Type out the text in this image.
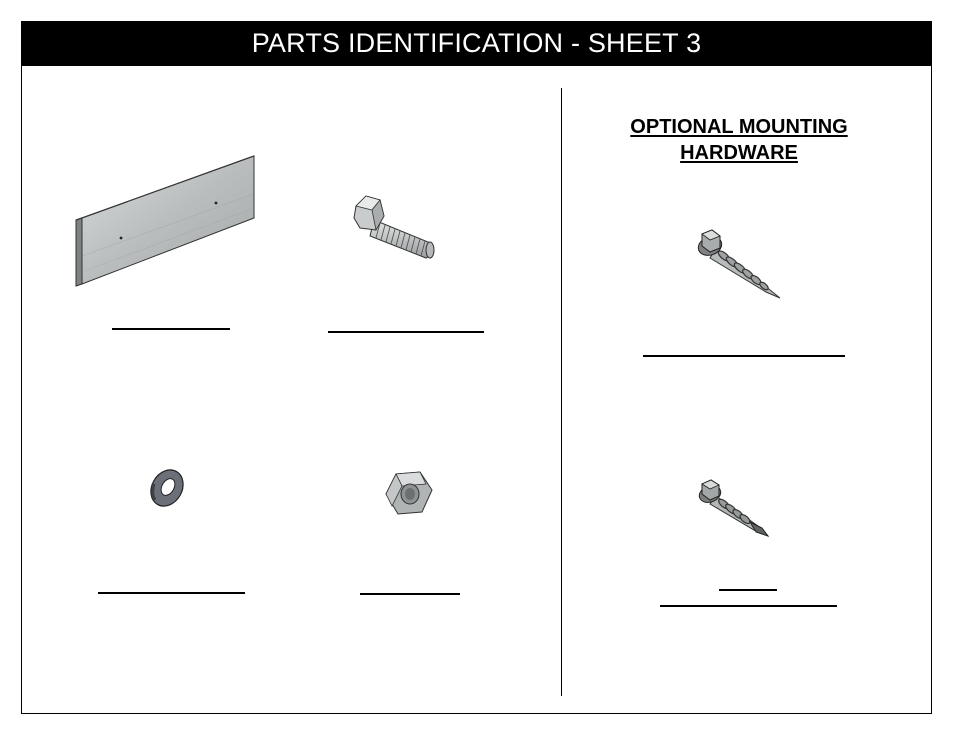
PARTS IDENTIFICATION - SHEET 3
OPTIONAL MOUNTING
HARDWARE
